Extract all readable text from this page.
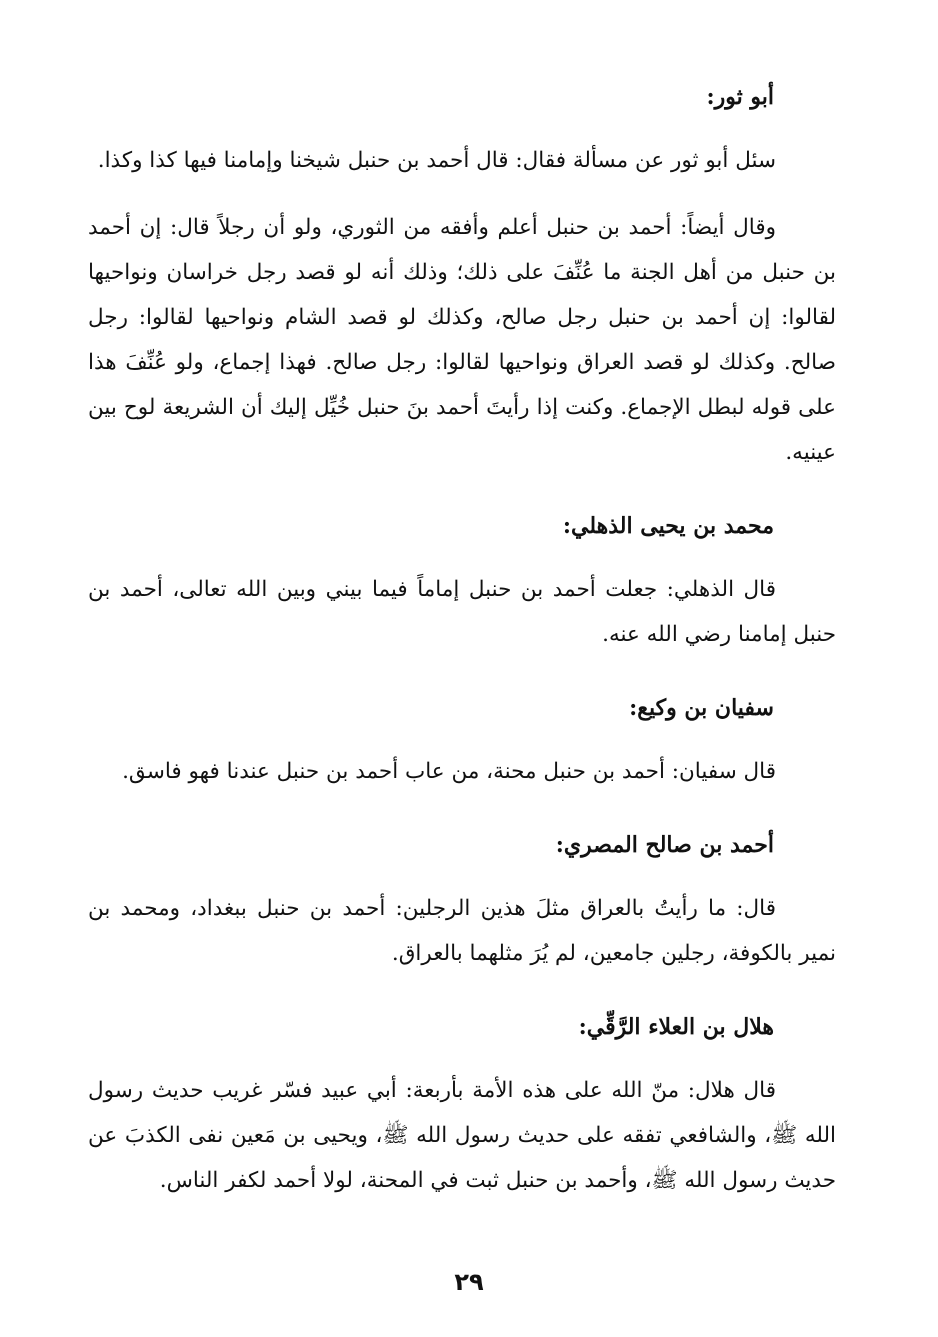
أبو ثور:

سئل أبو ثور عن مسألة فقال: قال أحمد بن حنبل شيخنا وإمامنا فيها كذا وكذا.

وقال أيضاً: أحمد بن حنبل أعلم وأفقه من الثوري، ولو أن رجلاً قال: إن أحمد بن حنبل من أهل الجنة ما عُنِّفَ على ذلك؛ وذلك أنه لو قصد رجل خراسان ونواحيها لقالوا: إن أحمد بن حنبل رجل صالح، وكذلك لو قصد الشام ونواحيها لقالوا: رجل صالح. وكذلك لو قصد العراق ونواحيها لقالوا: رجل صالح. فهذا إجماع، ولو عُنِّفَ هذا على قوله لبطل الإجماع. وكنت إذا رأيتَ أحمد بنَ حنبل خُيِّل إليك أن الشريعة لوح بين عينيه.

محمد بن يحيى الذهلي:

قال الذهلي: جعلت أحمد بن حنبل إماماً فيما بيني وبين الله تعالى، أحمد بن حنبل إمامنا رضي الله عنه.

سفيان بن وكيع:

قال سفيان: أحمد بن حنبل محنة، من عاب أحمد بن حنبل عندنا فهو فاسق.

أحمد بن صالح المصري:

قال: ما رأيتُ بالعراق مثلَ هذين الرجلين: أحمد بن حنبل ببغداد، ومحمد بن نمير بالكوفة، رجلين جامعين، لم يُرَ مثلهما بالعراق.

هلال بن العلاء الرَّقِّي:

قال هلال: منّ الله على هذه الأمة بأربعة: أبي عبيد فسّر غريب حديث رسول الله ﷺ، والشافعي تفقه على حديث رسول الله ﷺ، ويحيى بن مَعين نفى الكذبَ عن حديث رسول الله ﷺ، وأحمد بن حنبل ثبت في المحنة، لولا أحمد لكفر الناس.

٢٩
